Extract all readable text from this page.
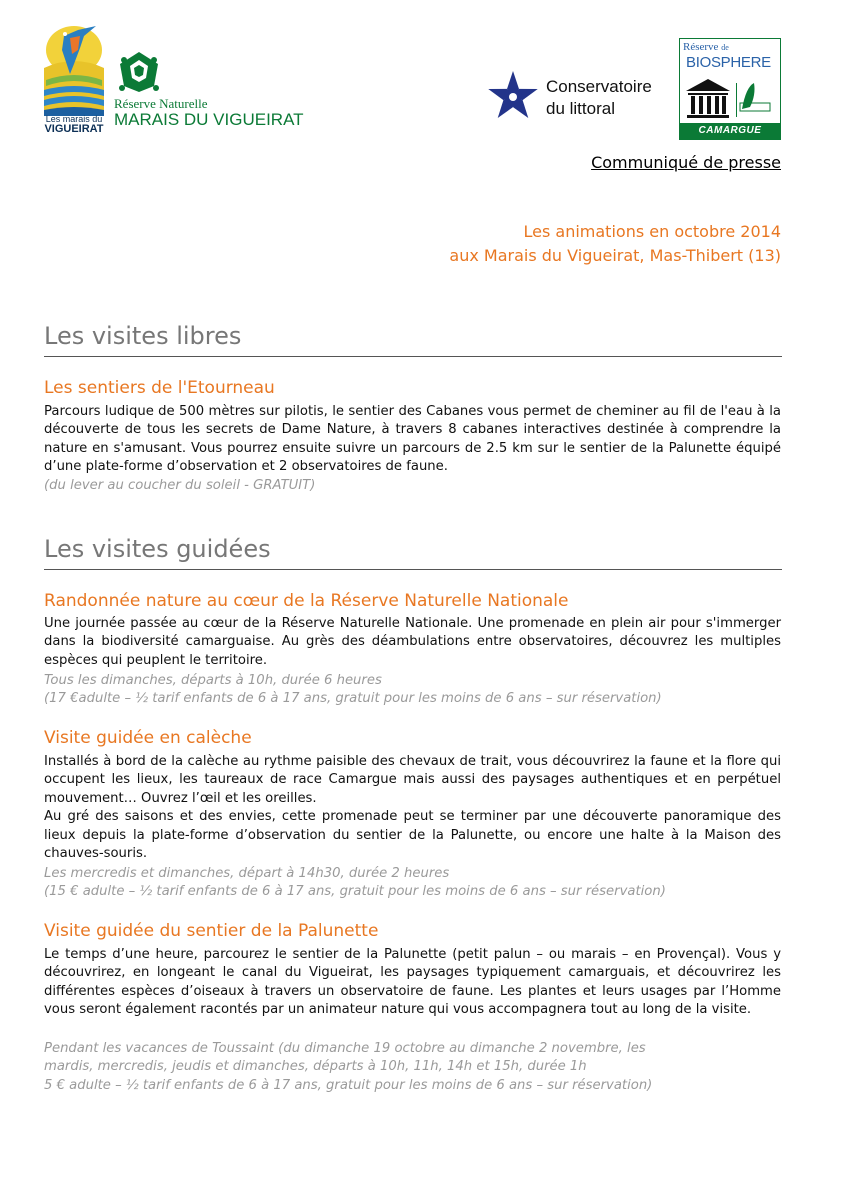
Les marais du
VIGUEIRAT
Réserve Naturelle
MARAIS DU VIGUEIRAT
Conservatoire
du littoral
Réserve de
BIOSPHERE
CAMARGUE
Communiqué de presse
Les animations en octobre 2014
aux Marais du Vigueirat, Mas-Thibert (13)
Les visites libres
Les sentiers de l'Etourneau

Parcours ludique de 500 mètres sur pilotis, le sentier des Cabanes vous permet de cheminer au fil de l'eau à la découverte de tous les secrets de Dame Nature, à travers 8 cabanes interactives destinée à comprendre la nature en s'amusant. Vous pourrez ensuite suivre un parcours de 2.5 km sur le sentier de la Palunette équipé d’une plate-forme d’observation et 2 observatoires de faune.

(du lever au coucher du soleil - GRATUIT)

Les visites guidées
Randonnée nature au cœur de la Réserve Naturelle Nationale

Une journée passée au cœur de la Réserve Naturelle Nationale. Une promenade en plein air pour s'immerger dans la biodiversité camarguaise. Au grès des déambulations entre observatoires, découvrez les multiples espèces qui peuplent le territoire.

Tous les dimanches, départs à 10h, durée 6 heures

(17 €adulte – ½ tarif enfants de 6 à 17 ans, gratuit pour les moins de 6 ans – sur réservation)

Visite guidée en calèche

Installés à bord de la calèche au rythme paisible des chevaux de trait, vous découvrirez la faune et la flore qui occupent les lieux, les taureaux de race Camargue mais aussi des paysages authentiques et en perpétuel mouvement… Ouvrez l’œil et les oreilles.

Au gré des saisons et des envies, cette promenade peut se terminer par une découverte panoramique des lieux depuis la plate-forme d’observation du sentier de la Palunette, ou encore une halte à la Maison des chauves-souris.

Les mercredis et dimanches, départ à 14h30, durée 2 heures

(15 € adulte – ½ tarif enfants de 6 à 17 ans, gratuit pour les moins de 6 ans – sur réservation)

Visite guidée du sentier de la Palunette

Le temps d’une heure, parcourez le sentier de la Palunette (petit palun – ou marais – en Provençal). Vous y découvrirez, en longeant le canal du Vigueirat, les paysages typiquement camarguais, et découvrirez les différentes espèces d’oiseaux à travers un observatoire de faune. Les plantes et leurs usages par l’Homme vous seront également racontés par un animateur nature qui vous accompagnera tout au long de la visite.

Pendant les vacances de Toussaint (du dimanche 19 octobre au dimanche 2 novembre, les

mardis, mercredis, jeudis et dimanches, départs à 10h, 11h, 14h et 15h, durée 1h

5 € adulte – ½ tarif enfants de 6 à 17 ans, gratuit pour les moins de 6 ans – sur réservation)
